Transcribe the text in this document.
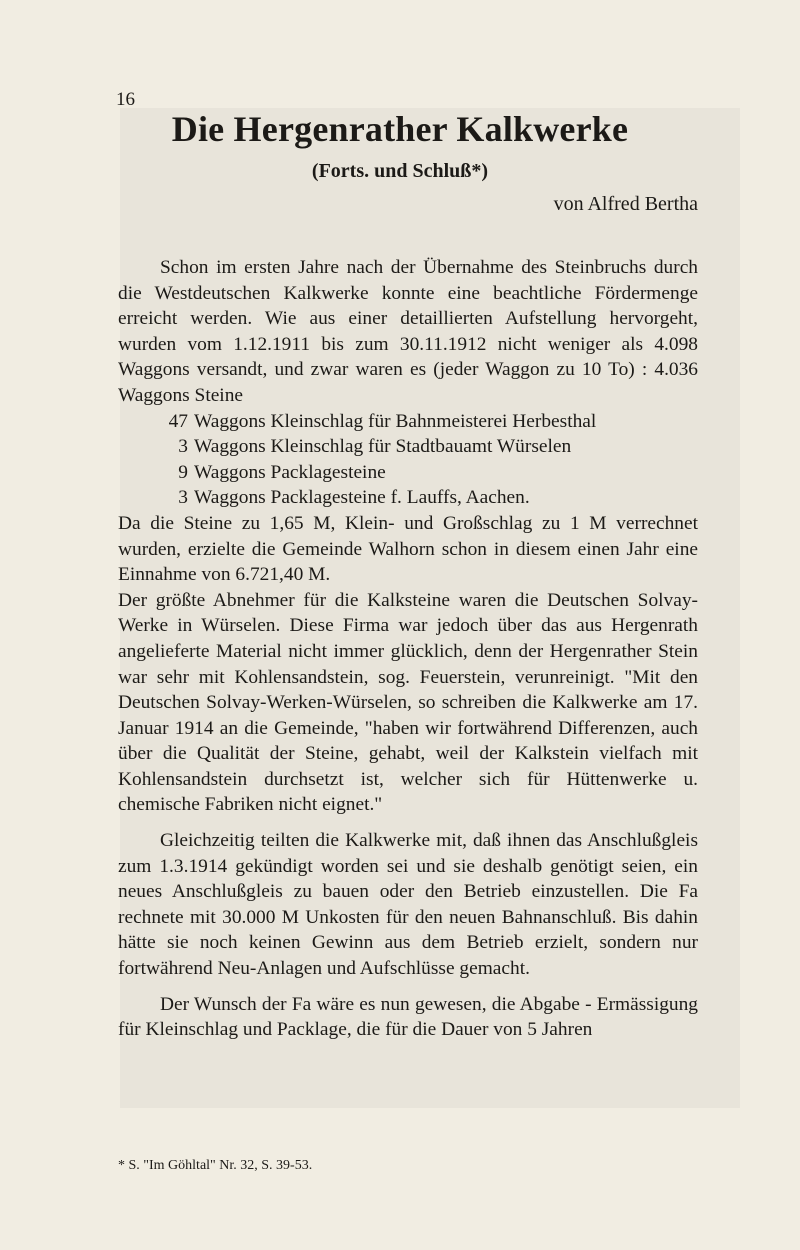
16
Die Hergenrather Kalkwerke
(Forts. und Schluß*)
von Alfred Bertha

Schon im ersten Jahre nach der Übernahme des Steinbruchs durch die Westdeutschen Kalkwerke konnte eine beachtliche Fördermenge erreicht werden. Wie aus einer detaillierten Aufstellung hervorgeht, wurden vom 1.12.1911 bis zum 30.11.1912 nicht weniger als 4.098 Waggons versandt, und zwar waren es (jeder Waggon zu 10 To) : 4.036 Waggons Steine

47 Waggons Kleinschlag für Bahnmeisterei Herbesthal
3 Waggons Kleinschlag für Stadtbauamt Würselen
9 Waggons Packlagesteine
3 Waggons Packlagesteine f. Lauffs, Aachen.

Da die Steine zu 1,65 M, Klein- und Großschlag zu 1 M verrechnet wurden, erzielte die Gemeinde Walhorn schon in diesem einen Jahr eine Einnahme von 6.721,40 M.

Der größte Abnehmer für die Kalksteine waren die Deutschen Solvay-Werke in Würselen. Diese Firma war jedoch über das aus Hergenrath angelieferte Material nicht immer glücklich, denn der Hergenrather Stein war sehr mit Kohlensandstein, sog. Feuerstein, verunreinigt. "Mit den Deutschen Solvay-Werken-Würselen, so schreiben die Kalkwerke am 17. Januar 1914 an die Gemeinde, "haben wir fortwährend Differenzen, auch über die Qualität der Steine, gehabt, weil der Kalkstein vielfach mit Kohlensandstein durchsetzt ist, welcher sich für Hüttenwerke u. chemische Fabriken nicht eignet."

Gleichzeitig teilten die Kalkwerke mit, daß ihnen das Anschlußgleis zum 1.3.1914 gekündigt worden sei und sie deshalb genötigt seien, ein neues Anschlußgleis zu bauen oder den Betrieb einzustellen. Die Fa rechnete mit 30.000 M Unkosten für den neuen Bahnanschluß. Bis dahin hätte sie noch keinen Gewinn aus dem Betrieb erzielt, sondern nur fortwährend Neu-Anlagen und Aufschlüsse gemacht.

Der Wunsch der Fa wäre es nun gewesen, die Abgabe - Ermässigung für Kleinschlag und Packlage, die für die Dauer von 5 Jahren

* S. "Im Göhltal" Nr. 32, S. 39-53.
